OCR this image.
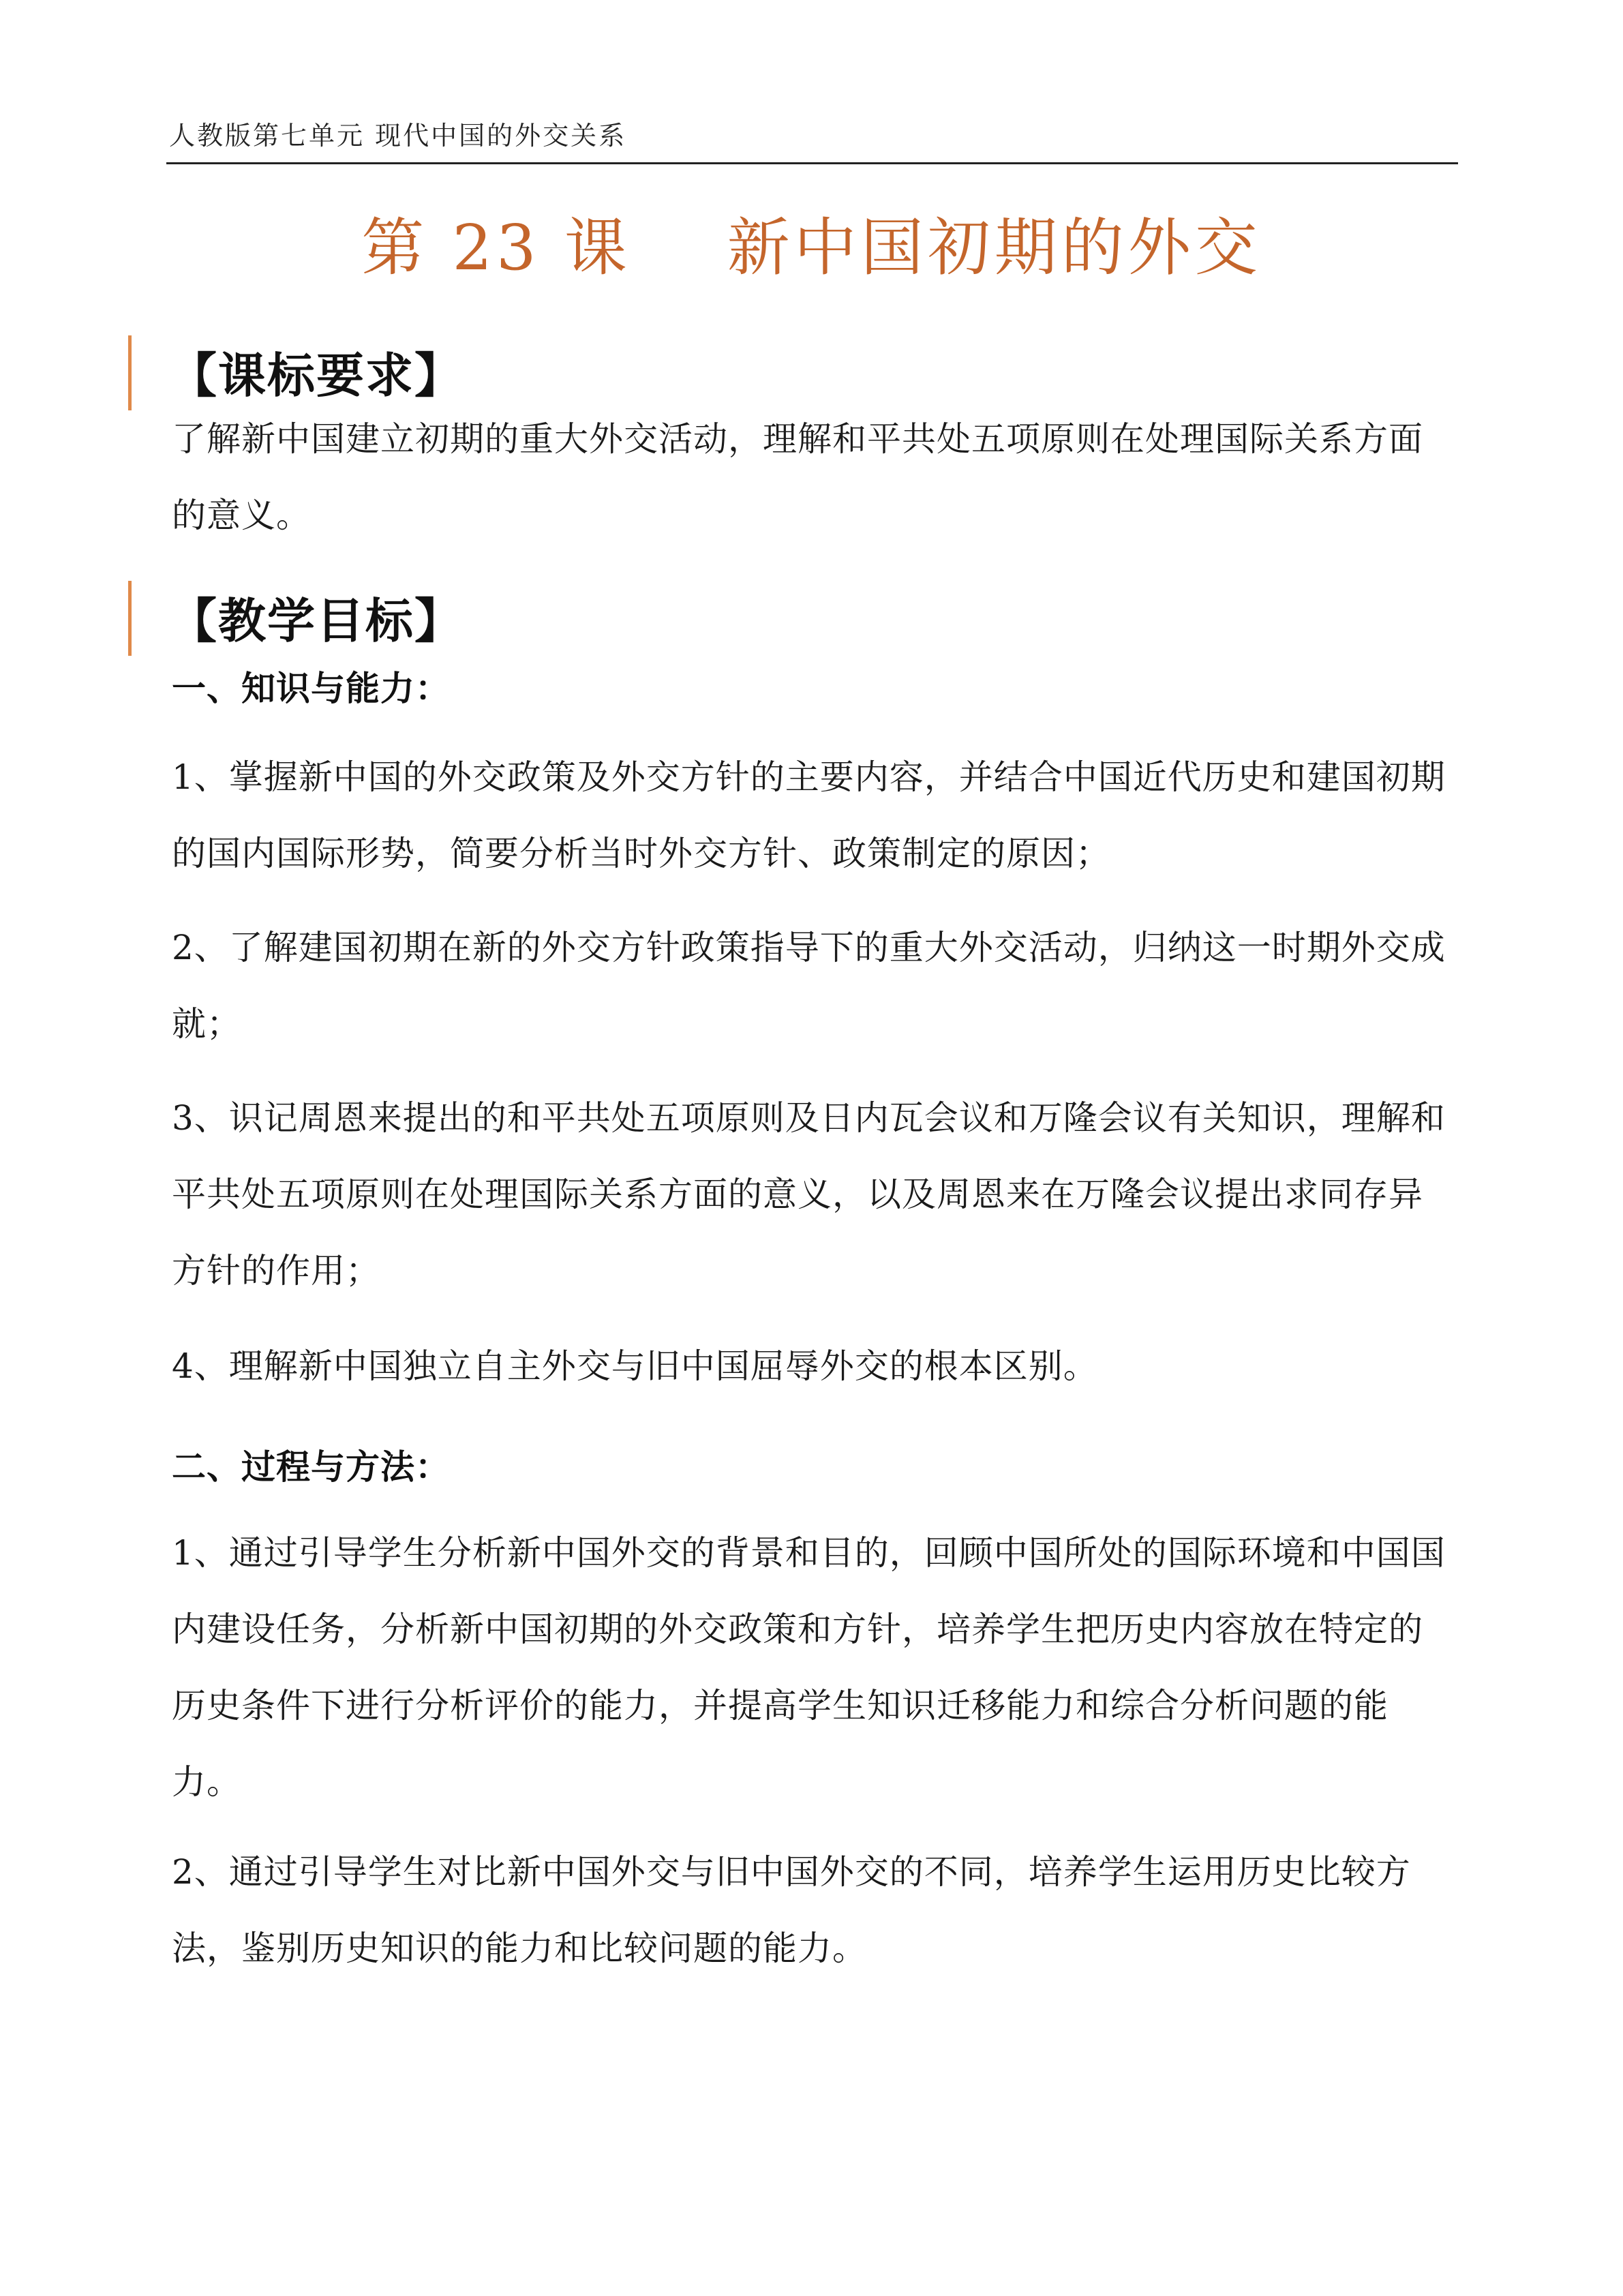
人教版第七单元 现代中国的外交关系
第 23 课    新中国初期的外交
【课标要求】
了解新中国建立初期的重大外交活动，理解和平共处五项原则在处理国际关系方面的意义。
【教学目标】
一、知识与能力：
1、掌握新中国的外交政策及外交方针的主要内容，并结合中国近代历史和建国初期的国内国际形势，简要分析当时外交方针、政策制定的原因；
2、了解建国初期在新的外交方针政策指导下的重大外交活动，归纳这一时期外交成就；
3、识记周恩来提出的和平共处五项原则及日内瓦会议和万隆会议有关知识，理解和平共处五项原则在处理国际关系方面的意义，以及周恩来在万隆会议提出求同存异方针的作用；
4、理解新中国独立自主外交与旧中国屈辱外交的根本区别。
二、过程与方法：
1、通过引导学生分析新中国外交的背景和目的，回顾中国所处的国际环境和中国国内建设任务，分析新中国初期的外交政策和方针，培养学生把历史内容放在特定的历史条件下进行分析评价的能力，并提高学生知识迁移能力和综合分析问题的能力。
2、通过引导学生对比新中国外交与旧中国外交的不同，培养学生运用历史比较方法，鉴别历史知识的能力和比较问题的能力。
